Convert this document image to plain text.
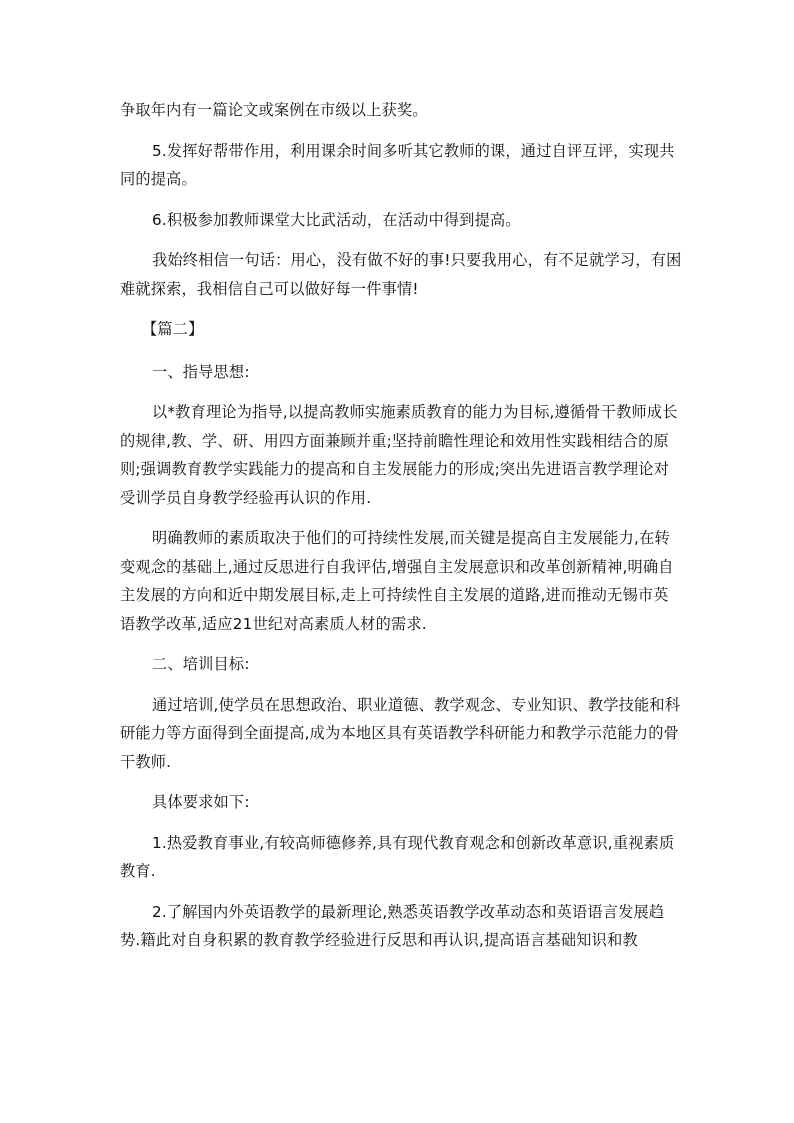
争取年内有一篇论文或案例在市级以上获奖。

5.发挥好帮带作用，利用课余时间多听其它教师的课，通过自评互评，实现共同的提高。

6.积极参加教师课堂大比武活动，在活动中得到提高。

我始终相信一句话：用心，没有做不好的事!只要我用心，有不足就学习，有困难就探索，我相信自己可以做好每一件事情!

【篇二】

一、指导思想:

以*教育理论为指导,以提高教师实施素质教育的能力为目标,遵循骨干教师成长的规律,教、学、研、用四方面兼顾并重;坚持前瞻性理论和效用性实践相结合的原则;强调教育教学实践能力的提高和自主发展能力的形成;突出先进语言教学理论对受训学员自身教学经验再认识的作用.

明确教师的素质取决于他们的可持续性发展,而关键是提高自主发展能力,在转变观念的基础上,通过反思进行自我评估,增强自主发展意识和改革创新精神,明确自主发展的方向和近中期发展目标,走上可持续性自主发展的道路,进而推动无锡市英语教学改革,适应21世纪对高素质人材的需求.

二、培训目标:

通过培训,使学员在思想政治、职业道德、教学观念、专业知识、教学技能和科研能力等方面得到全面提高,成为本地区具有英语教学科研能力和教学示范能力的骨干教师.

具体要求如下:

1.热爱教育事业,有较高师德修养,具有现代教育观念和创新改革意识,重视素质教育.

2.了解国内外英语教学的最新理论,熟悉英语教学改革动态和英语语言发展趋势.籍此对自身积累的教育教学经验进行反思和再认识,提高语言基础知识和教
